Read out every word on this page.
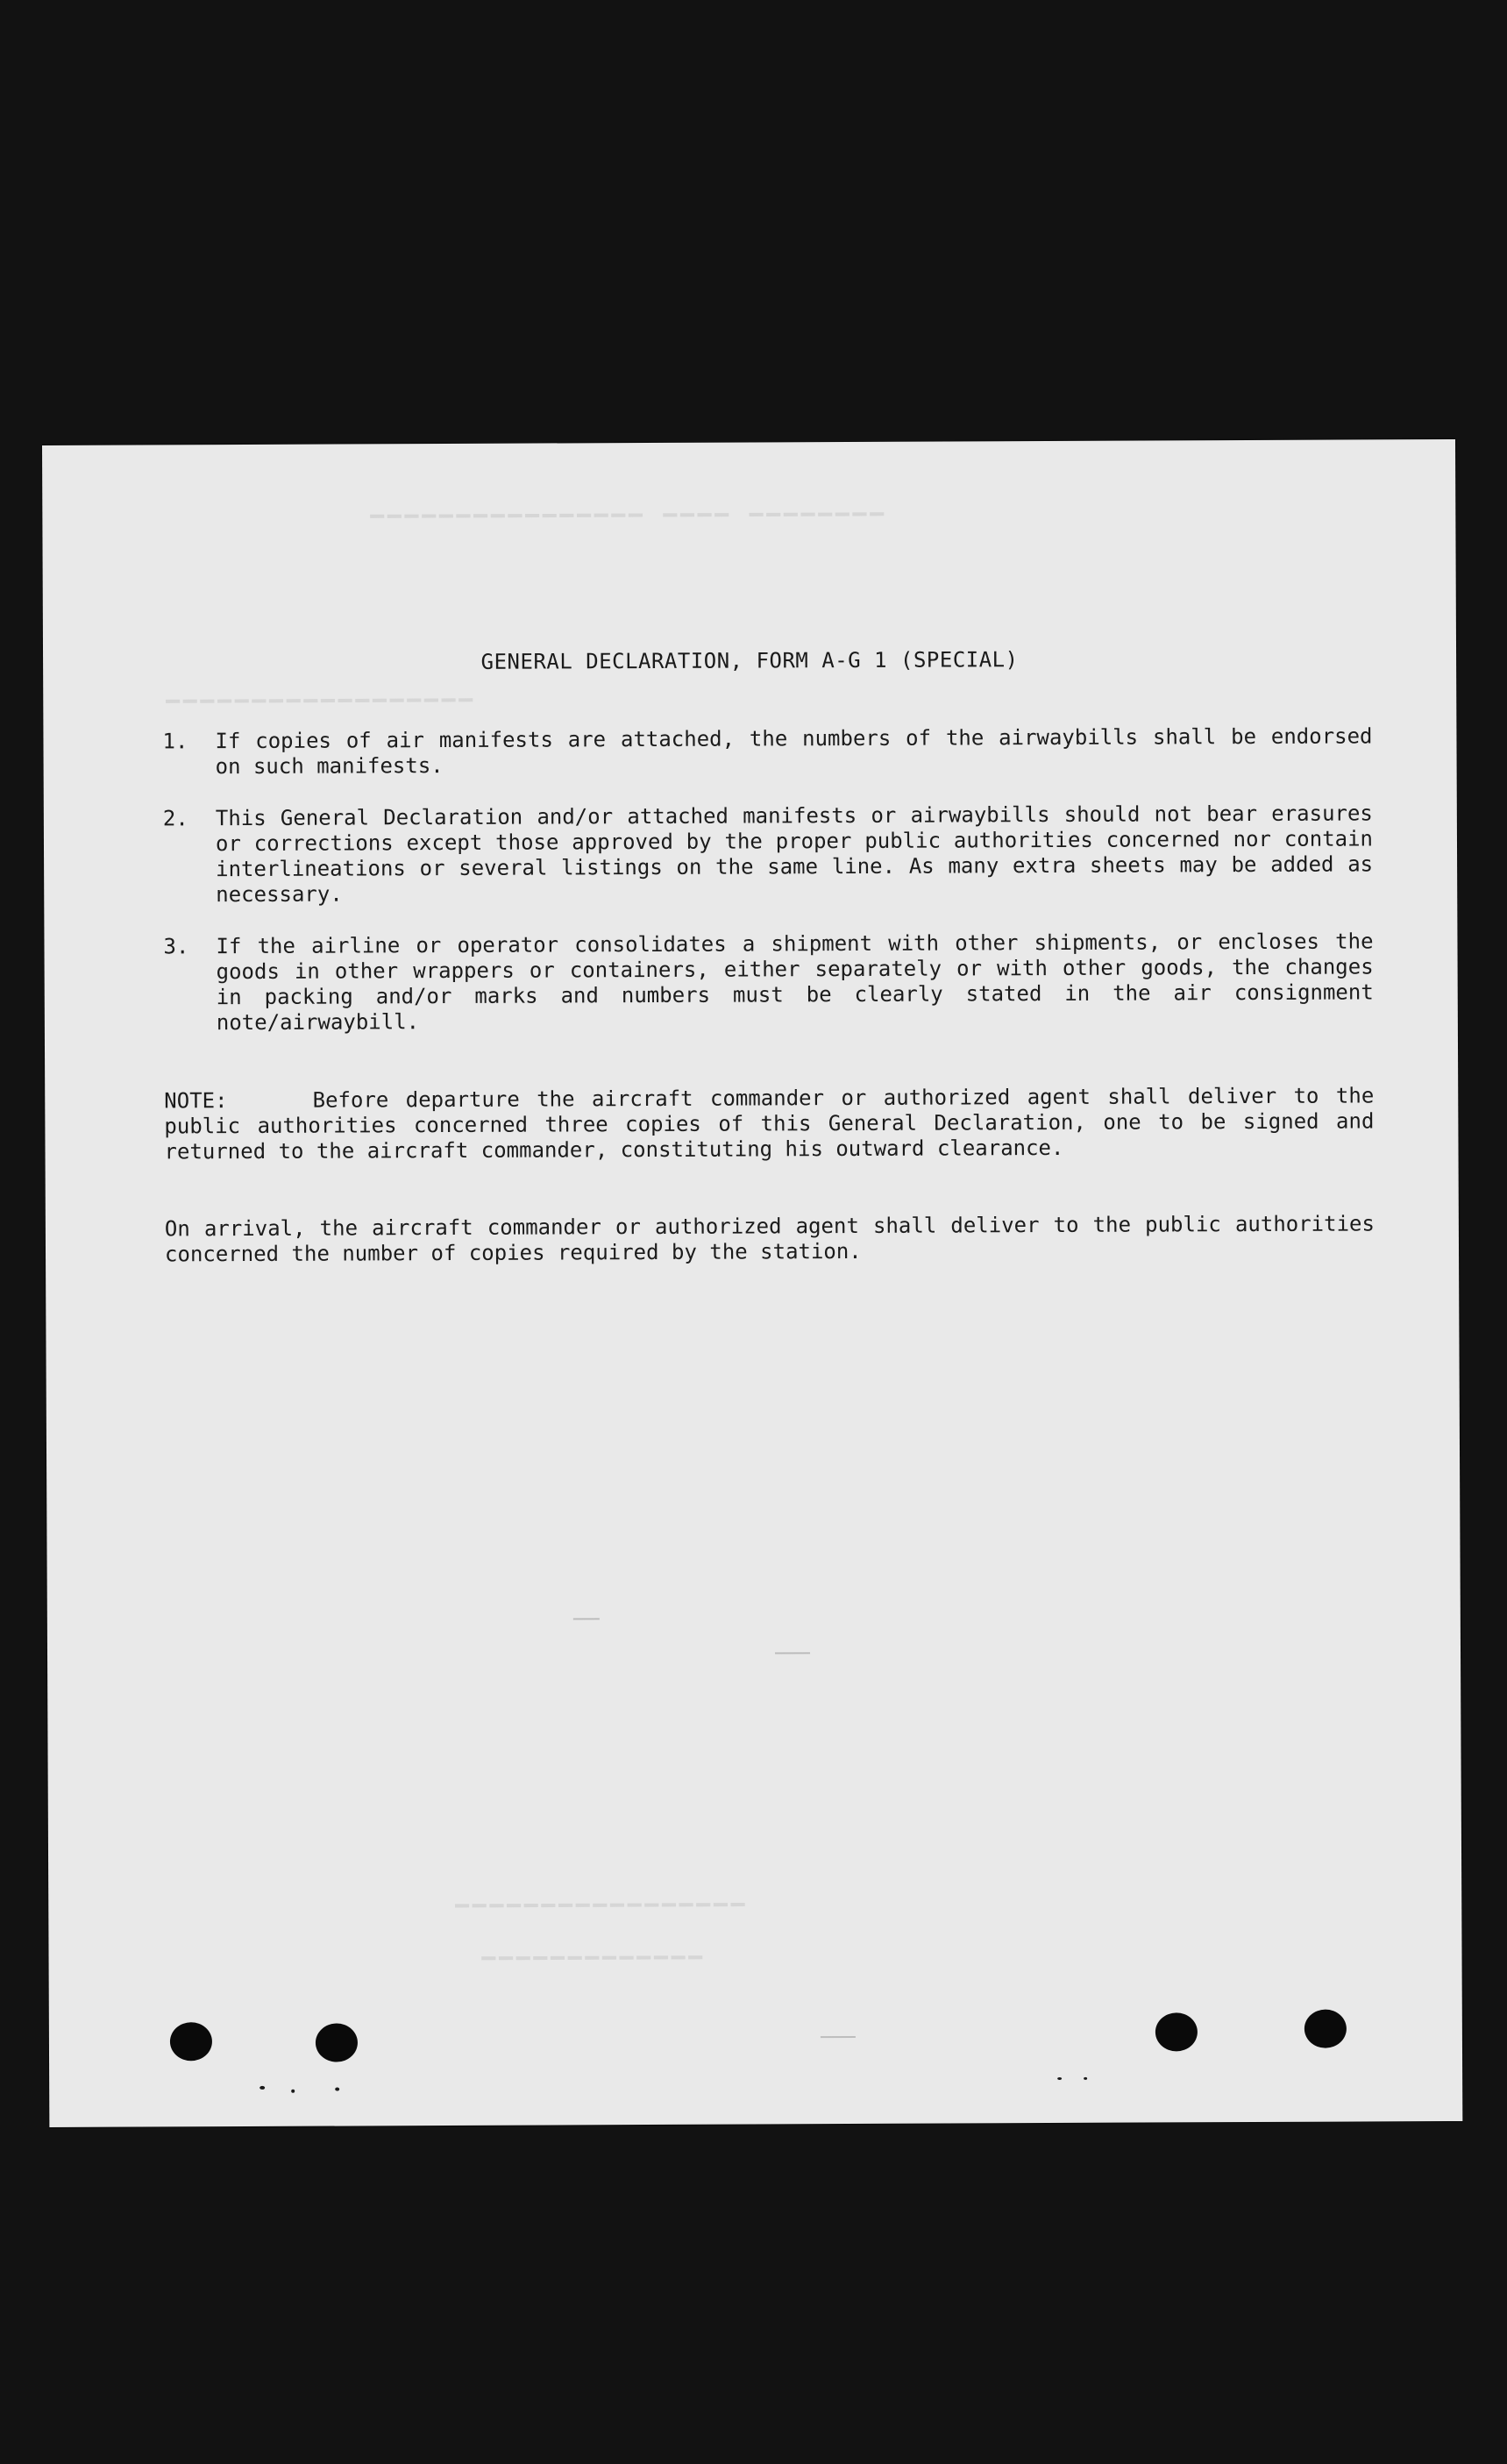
▁▁▁▁▁▁▁▁ ▁▁▁▁ ▁▁▁▁▁▁▁▁▁▁▁▁▁▁▁▁
▁▁▁▁▁▁▁▁▁▁▁▁▁▁▁▁▁▁
▁▁▁▁▁▁▁▁▁▁▁▁▁▁▁▁▁
▁▁▁▁▁▁▁▁▁▁▁▁▁
GENERAL DECLARATION, FORM A-G 1 (SPECIAL)
1.	If copies of air manifests are attached, the numbers of the airwaybills shall be endorsed on such manifests.
2.	This General Declaration and/or attached manifests or airwaybills should not bear erasures or corrections except those approved by the proper public authorities concerned nor contain interlineations or several listings on the same line. As many extra sheets may be added as necessary.
3.	If the airline or operator consolidates a shipment with other shipments, or encloses the goods in other wrappers or containers, either separately or with other goods, the changes in packing and/or marks and numbers must be clearly stated in the air consignment note/airwaybill.
NOTE:     Before departure the aircraft commander or authorized agent shall deliver to the public authorities concerned three copies of this General Declaration, one to be signed and returned to the aircraft commander, constituting his outward clearance.
On arrival, the aircraft commander or authorized agent shall deliver to the public authorities concerned the number of copies required by the station.
